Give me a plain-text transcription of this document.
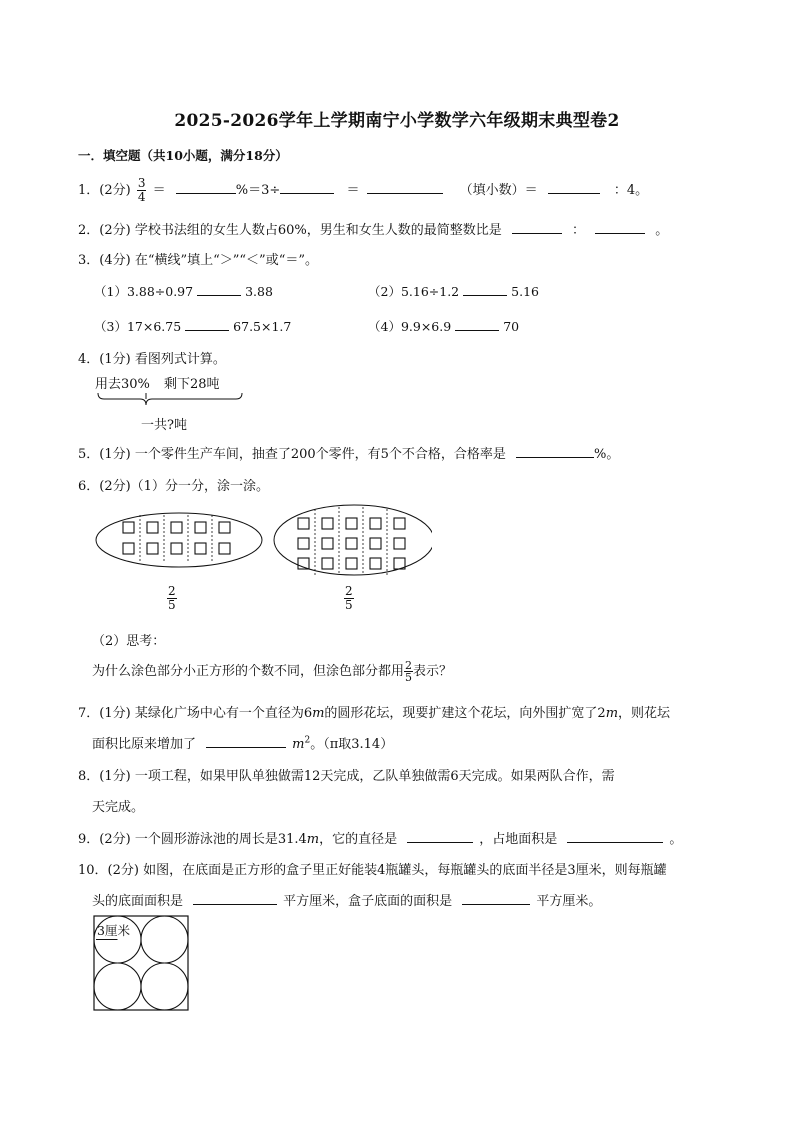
2025-2026学年上学期南宁小学数学六年级期末典型卷2
一．填空题（共10小题，满分18分）
1．(2分) $\frac{3}{4}$ ＝	%＝3÷	＝	（填小数）＝	：4。
2．(2分) 学校书法组的女生人数占60%，男生和女生人数的最简整数比是	：	。
3．(4分) 在“横线”填上“＞”“＜”或“＝”。
（1）3.88÷0.97	3.88	（2）5.16÷1.2	5.16
（3）17×6.75	67.5×1.7	（4）9.9×6.9	70
4．(1分) 看图列式计算。
用去30% 剩下28吨
一共?吨
5．(1分) 一个零件生产车间，抽查了200个零件，有5个不合格，合格率是	%。
6．(2分)（1）分一分，涂一涂。
$\frac{2}{5}$	$\frac{2}{5}$
（2）思考：
为什么涂色部分小正方形的个数不同，但涂色部分都用 $\frac{2}{5}$ 表示？
7．(1分) 某绿化广场中心有一个直径为6m的圆形花坛，现要扩建这个花坛，向外围扩宽了2m，则花坛
面积比原来增加了	$m^2$。（π取3.14）
8．(1分) 一项工程，如果甲队单独做需12天完成，乙队单独做需6天完成。如果两队合作，需
天完成。
9．(2分) 一个圆形游泳池的周长是31.4m，它的直径是	，占地面积是	。
10．(2分) 如图，在底面是正方形的盒子里正好能装4瓶罐头，每瓶罐头的底面半径是3厘米，则每瓶罐
头的底面面积是	平方厘米，盒子底面的面积是	平方厘米。
3厘米
